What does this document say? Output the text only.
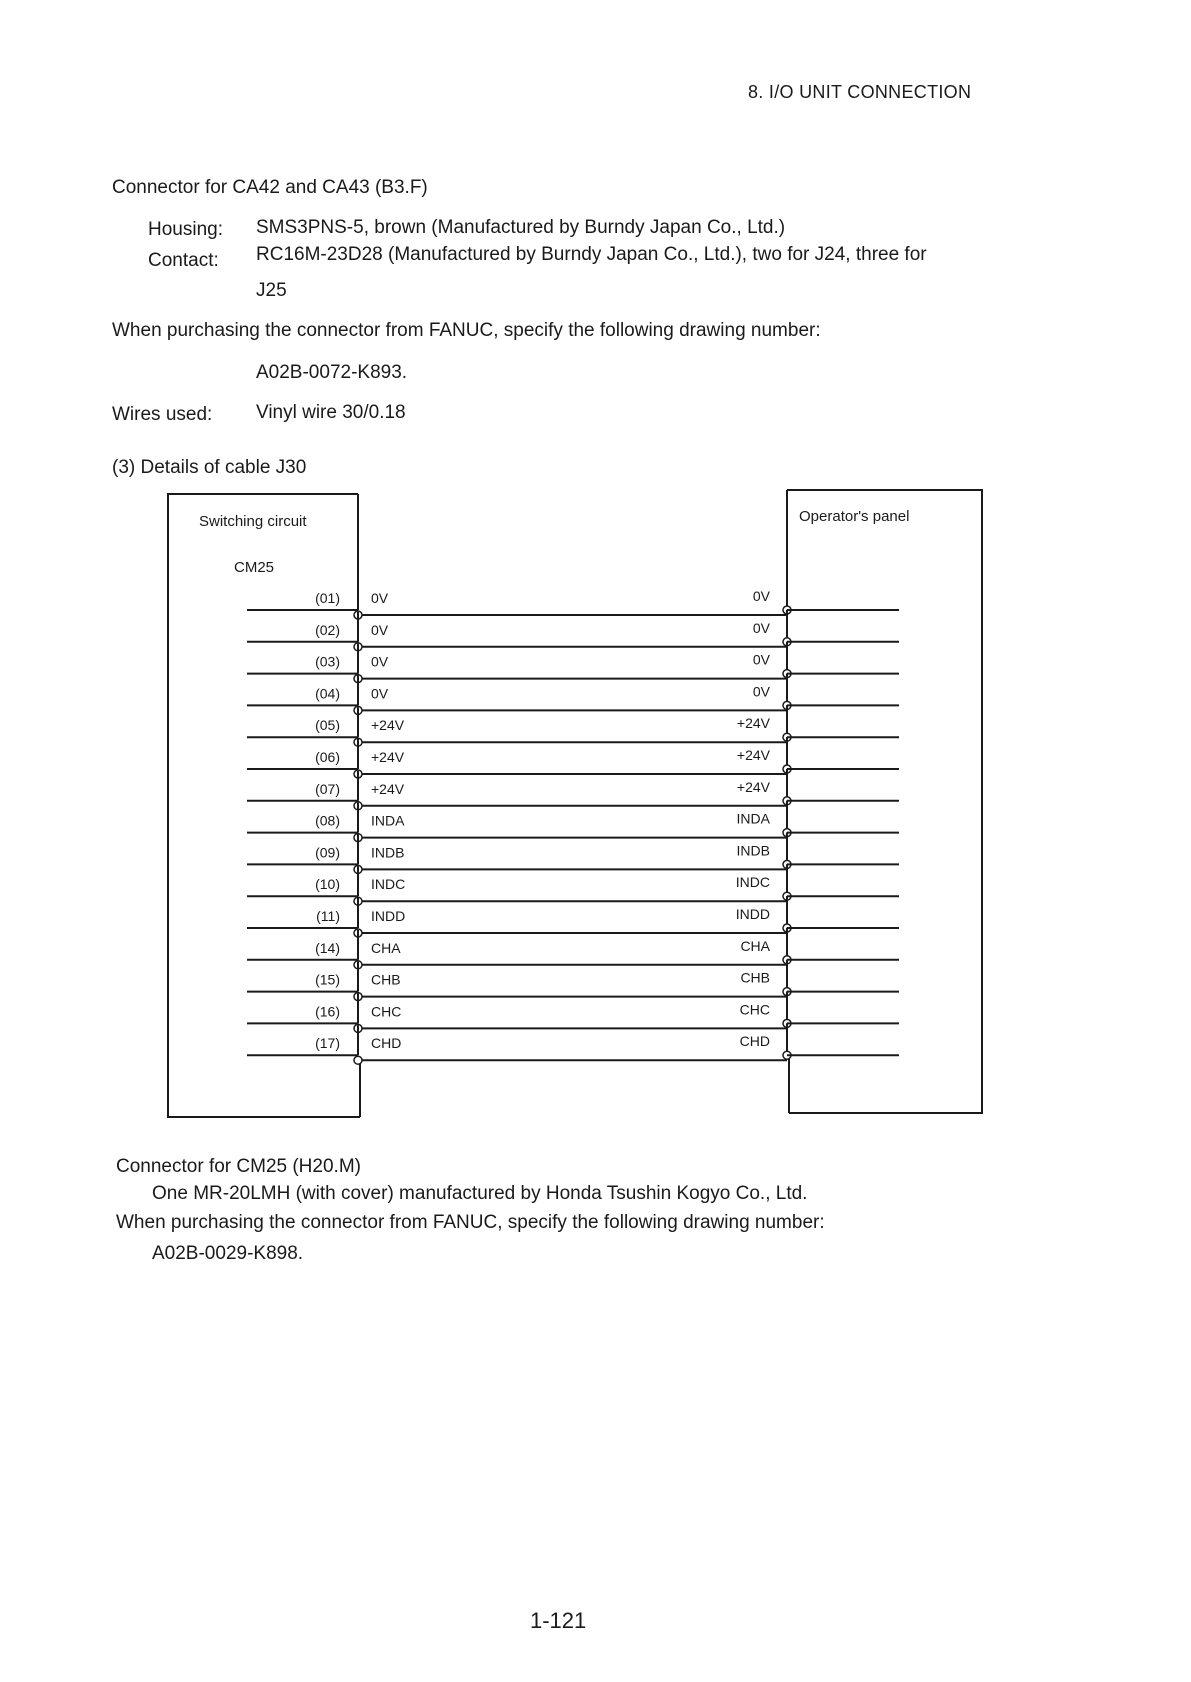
8. I/O UNIT CONNECTION
Connector for CA42 and CA43 (B3.F)
Housing: SMS3PNS-5, brown (Manufactured by Burndy Japan Co., Ltd.)
Contact: RC16M-23D28 (Manufactured by Burndy Japan Co., Ltd.), two for J24, three for
J25
When purchasing the connector from FANUC, specify the following drawing number:
A02B-0072-K893.
Wires used: Vinyl wire 30/0.18
(3) Details of cable J30
Switching circuit
CM25
Operator's panel
(01) 0V	0V
(02) 0V	0V
(03) 0V	0V
(04) 0V	0V
(05) +24V	+24V
(06) +24V	+24V
(07) +24V	+24V
(08) INDA	INDA
(09) INDB	INDB
(10) INDC	INDC
(11) INDD	INDD
(14) CHA	CHA
(15) CHB	CHB
(16) CHC	CHC
(17) CHD	CHD
Connector for CM25 (H20.M)
One MR-20LMH (with cover) manufactured by Honda Tsushin Kogyo Co., Ltd.
When purchasing the connector from FANUC, specify the following drawing number:
A02B-0029-K898.
1-121
